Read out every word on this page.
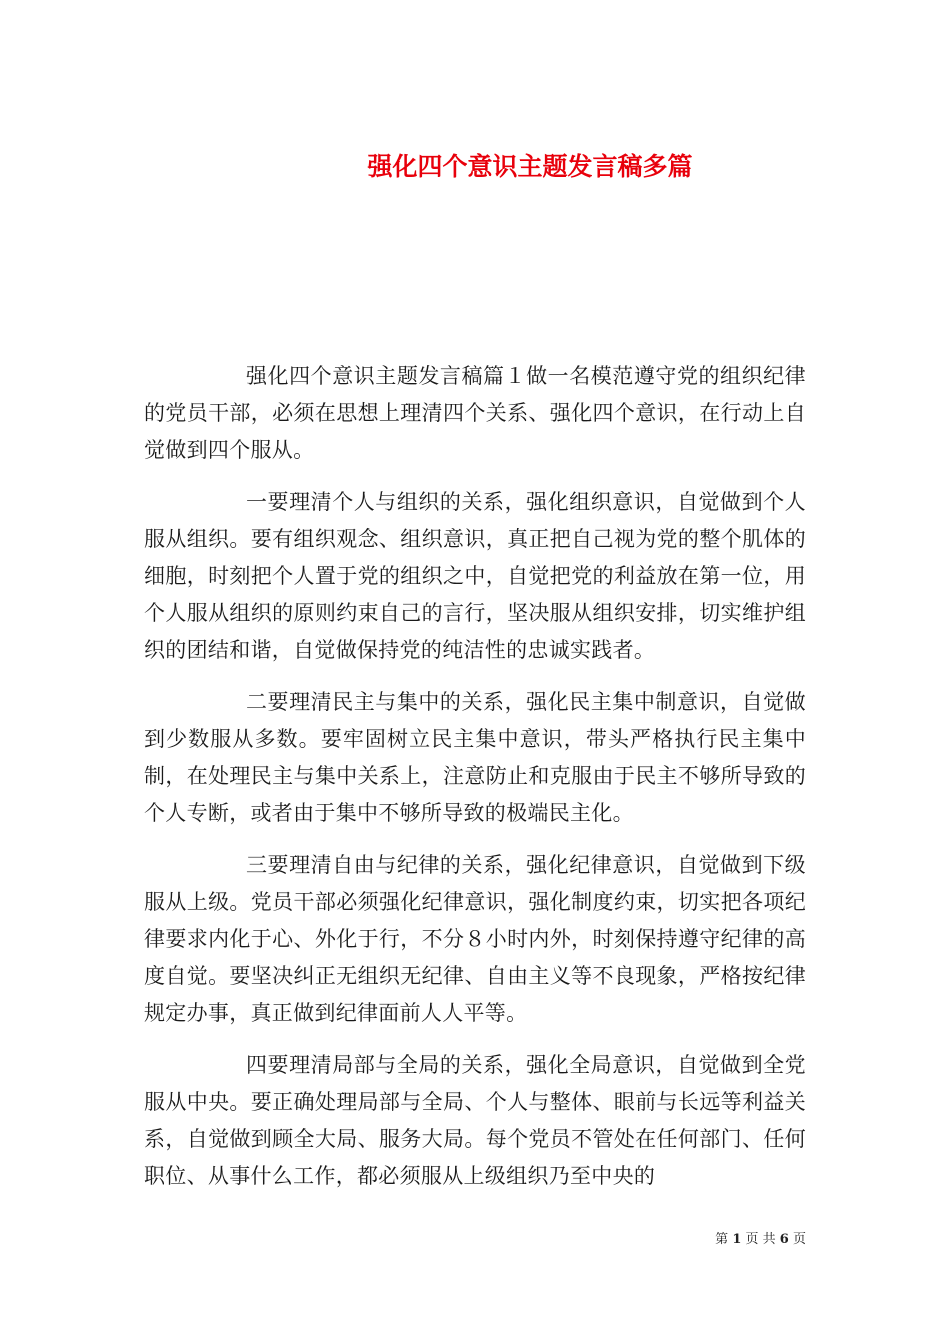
强化四个意识主题发言稿多篇

强化四个意识主题发言稿篇１做一名模范遵守党的组织纪律的党员干部，必须在思想上理清四个关系、强化四个意识，在行动上自觉做到四个服从。

一要理清个人与组织的关系，强化组织意识，自觉做到个人服从组织。要有组织观念、组织意识，真正把自己视为党的整个肌体的细胞，时刻把个人置于党的组织之中，自觉把党的利益放在第一位，用个人服从组织的原则约束自己的言行，坚决服从组织安排，切实维护组织的团结和谐，自觉做保持党的纯洁性的忠诚实践者。

二要理清民主与集中的关系，强化民主集中制意识，自觉做到少数服从多数。要牢固树立民主集中意识，带头严格执行民主集中制，在处理民主与集中关系上，注意防止和克服由于民主不够所导致的个人专断，或者由于集中不够所导致的极端民主化。

三要理清自由与纪律的关系，强化纪律意识，自觉做到下级服从上级。党员干部必须强化纪律意识，强化制度约束，切实把各项纪律要求内化于心、外化于行，不分８小时内外，时刻保持遵守纪律的高度自觉。要坚决纠正无组织无纪律、自由主义等不良现象，严格按纪律规定办事，真正做到纪律面前人人平等。

四要理清局部与全局的关系，强化全局意识，自觉做到全党服从中央。要正确处理局部与全局、个人与整体、眼前与长远等利益关系，自觉做到顾全大局、服务大局。每个党员不管处在任何部门、任何职位、从事什么工作，都必须服从上级组织乃至中央的

第 1 页 共 6 页
